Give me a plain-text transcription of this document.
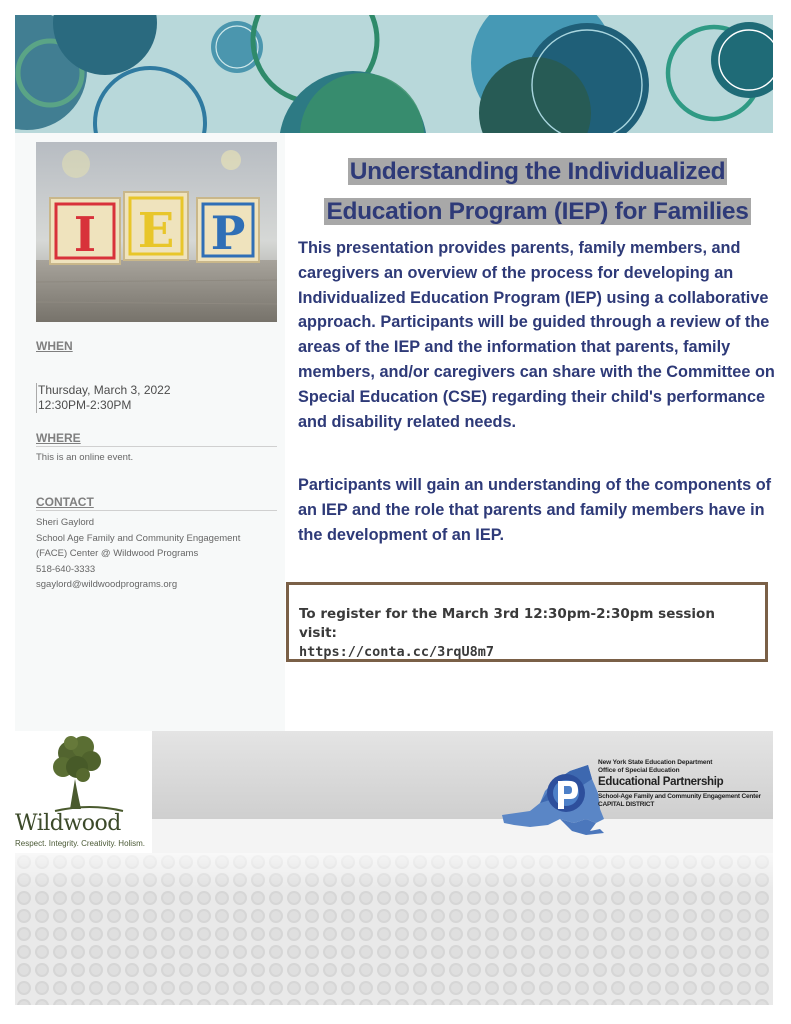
I E P
WHEN
Thursday, March 3, 2022
12:30PM-2:30PM
WHERE
This is an online event.
CONTACT
Sheri Gaylord
School Age Family and Community Engagement
(FACE) Center @ Wildwood Programs
518-640-3333
sgaylord@wildwoodprograms.org
Understanding the Individualized
Education Program (IEP) for Families

This presentation provides parents, family members, and caregivers an overview of the process for developing an Individualized Education Program (IEP) using a collaborative approach. Participants will be guided through a review of the areas of the IEP and the information that parents, family members, and/or caregivers can share with the Committee on Special Education (CSE) regarding their child's performance and disability related needs.

Participants will gain an understanding of the components of an IEP and the role that parents and family members have in the development of an IEP.

To register for the March 3rd 12:30pm-2:30pm session visit:
https://conta.cc/3rqU8m7
Wildwood
Respect. Integrity. Creativity. Holism.
New York State Education Department
Office of Special Education
Educational Partnership
School-Age Family and Community Engagement Center
CAPITAL DISTRICT
